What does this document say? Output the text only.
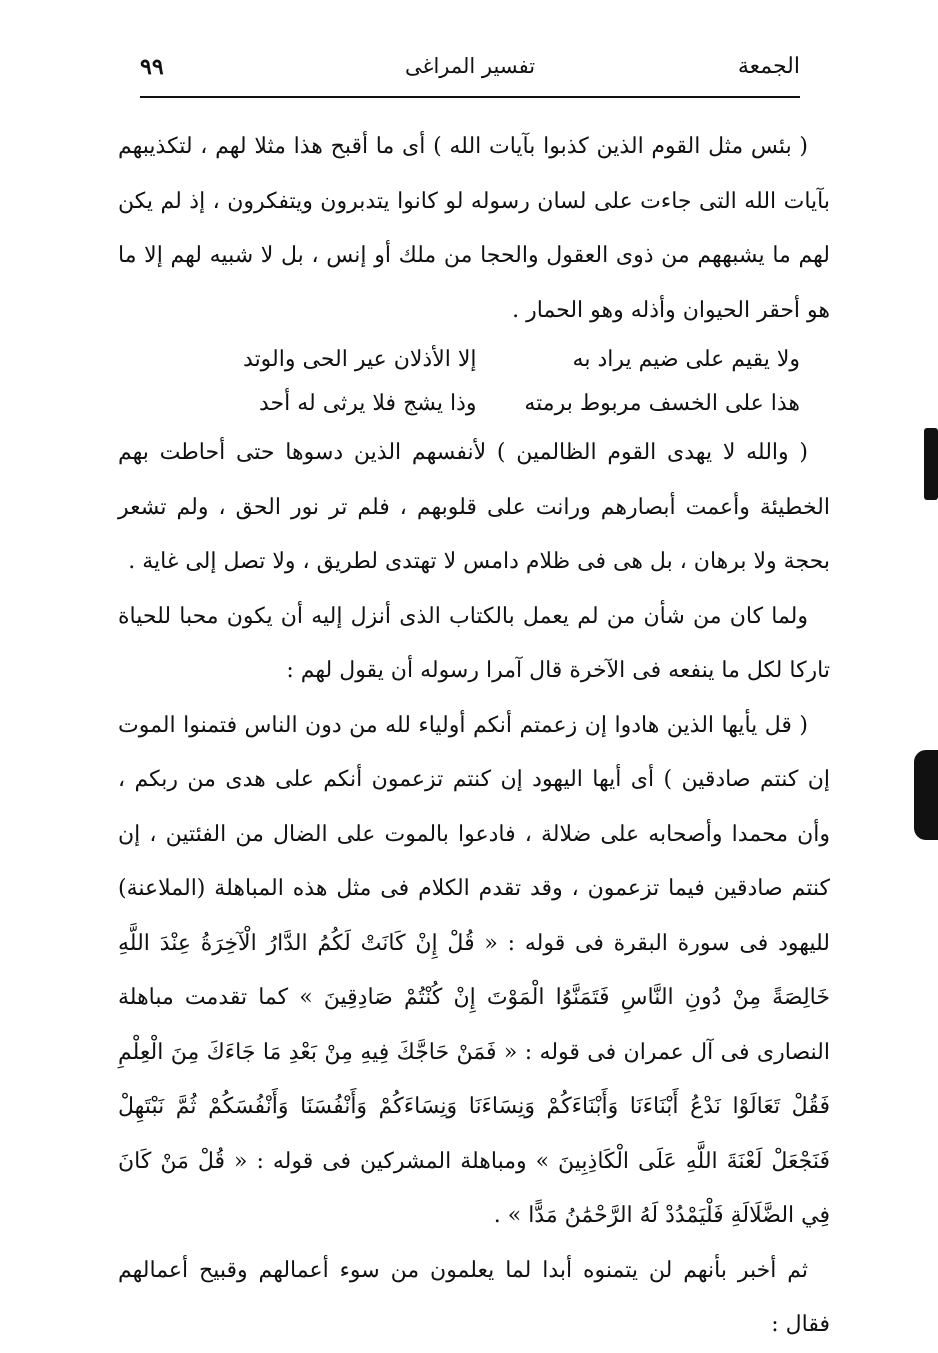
الجمعة
تفسير المراغى
٩٩

( بئس مثل القوم الذين كذبوا بآيات الله ) أى ما أقبح هذا مثلا لهم ، لتكذيبهم بآيات الله التى جاءت على لسان رسوله لو كانوا يتدبرون ويتفكرون ، إذ لم يكن لهم ما يشبههم من ذوى العقول والحجا من ملك أو إنس ، بل لا شبيه لهم إلا ما هو أحقر الحيوان وأذله وهو الحمار .

ولا يقيم على ضيم يراد به
إلا الأذلان عير الحى والوتد
هذا على الخسف مربوط برمته
وذا يشج فلا يرثى له أحد

( والله لا يهدى القوم الظالمين ) لأنفسهم الذين دسوها حتى أحاطت بهم الخطيئة وأعمت أبصارهم ورانت على قلوبهم ، فلم تر نور الحق ، ولم تشعر بحجة ولا برهان ، بل هى فى ظلام دامس لا تهتدى لطريق ، ولا تصل إلى غاية .

ولما كان من شأن من لم يعمل بالكتاب الذى أنزل إليه أن يكون محبا للحياة تاركا لكل ما ينفعه فى الآخرة قال آمرا رسوله أن يقول لهم :

( قل يأيها الذين هادوا إن زعمتم أنكم أولياء لله من دون الناس فتمنوا الموت إن كنتم صادقين ) أى أيها اليهود إن كنتم تزعمون أنكم على هدى من ربكم ، وأن محمدا وأصحابه على ضلالة ، فادعوا بالموت على الضال من الفئتين ، إن كنتم صادقين فيما تزعمون ، وقد تقدم الكلام فى مثل هذه المباهلة (الملاعنة) لليهود فى سورة البقرة فى قوله : « قُلْ إِنْ كَانَتْ لَكُمُ الدَّارُ الْآخِرَةُ عِنْدَ اللَّهِ خَالِصَةً مِنْ دُونِ النَّاسِ فَتَمَنَّوُا الْمَوْتَ إِنْ كُنْتُمْ صَادِقِينَ » كما تقدمت مباهلة النصارى فى آل عمران فى قوله : « فَمَنْ حَاجَّكَ فِيهِ مِنْ بَعْدِ مَا جَاءَكَ مِنَ الْعِلْمِ فَقُلْ تَعَالَوْا نَدْعُ أَبْنَاءَنَا وَأَبْنَاءَكُمْ وَنِسَاءَنَا وَنِسَاءَكُمْ وَأَنْفُسَنَا وَأَنْفُسَكُمْ ثُمَّ نَبْتَهِلْ فَنَجْعَلْ لَعْنَةَ اللَّهِ عَلَى الْكَاذِبِينَ » ومباهلة المشركين فى قوله : « قُلْ مَنْ كَانَ فِي الضَّلَالَةِ فَلْيَمْدُدْ لَهُ الرَّحْمَٰنُ مَدًّا » .

ثم أخبر بأنهم لن يتمنوه أبدا لما يعلمون من سوء أعمالهم وقبيح أعمالهم فقال :
